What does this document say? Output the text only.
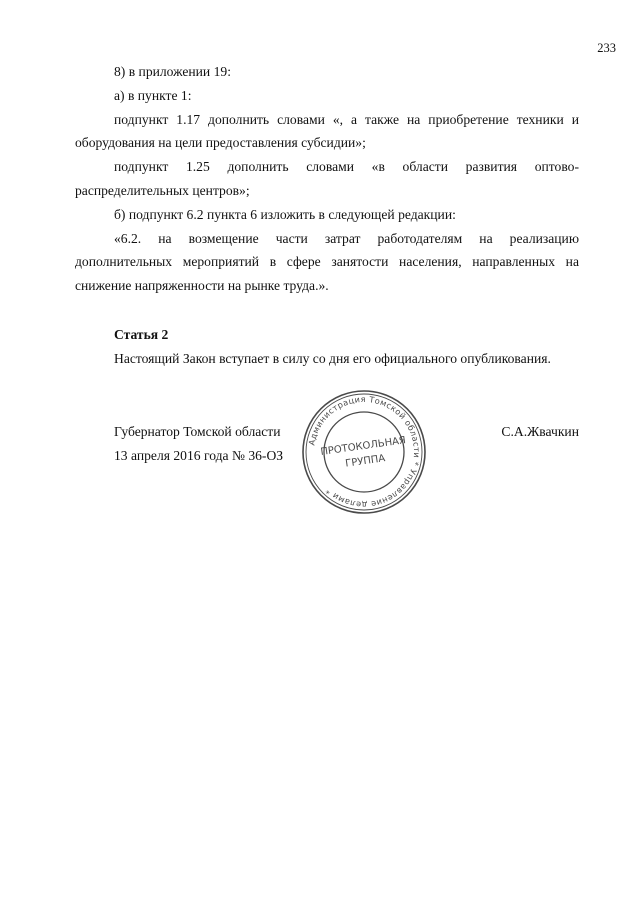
233

8) в приложении 19:

а) в пункте 1:

подпункт 1.17 дополнить словами «, а также на приобретение техники и оборудования на цели предоставления субсидии»;

подпункт 1.25 дополнить словами «в области развития оптово-распределительных центров»;

б) подпункт 6.2 пункта 6 изложить в следующей редакции:

«6.2. на возмещение части затрат работодателям на реализацию дополнительных мероприятий в сфере занятости населения, направленных на снижение напряженности на рынке труда.».

Статья 2

Настоящий Закон вступает в силу со дня его официального опубликования.

Губернатор Томской области	С.А.Жвачкин
13 апреля 2016 года № 36-ОЗ
Администрация Томской области * Управление делами *
ПРОТОКОЛЬНАЯ
ГРУППА
